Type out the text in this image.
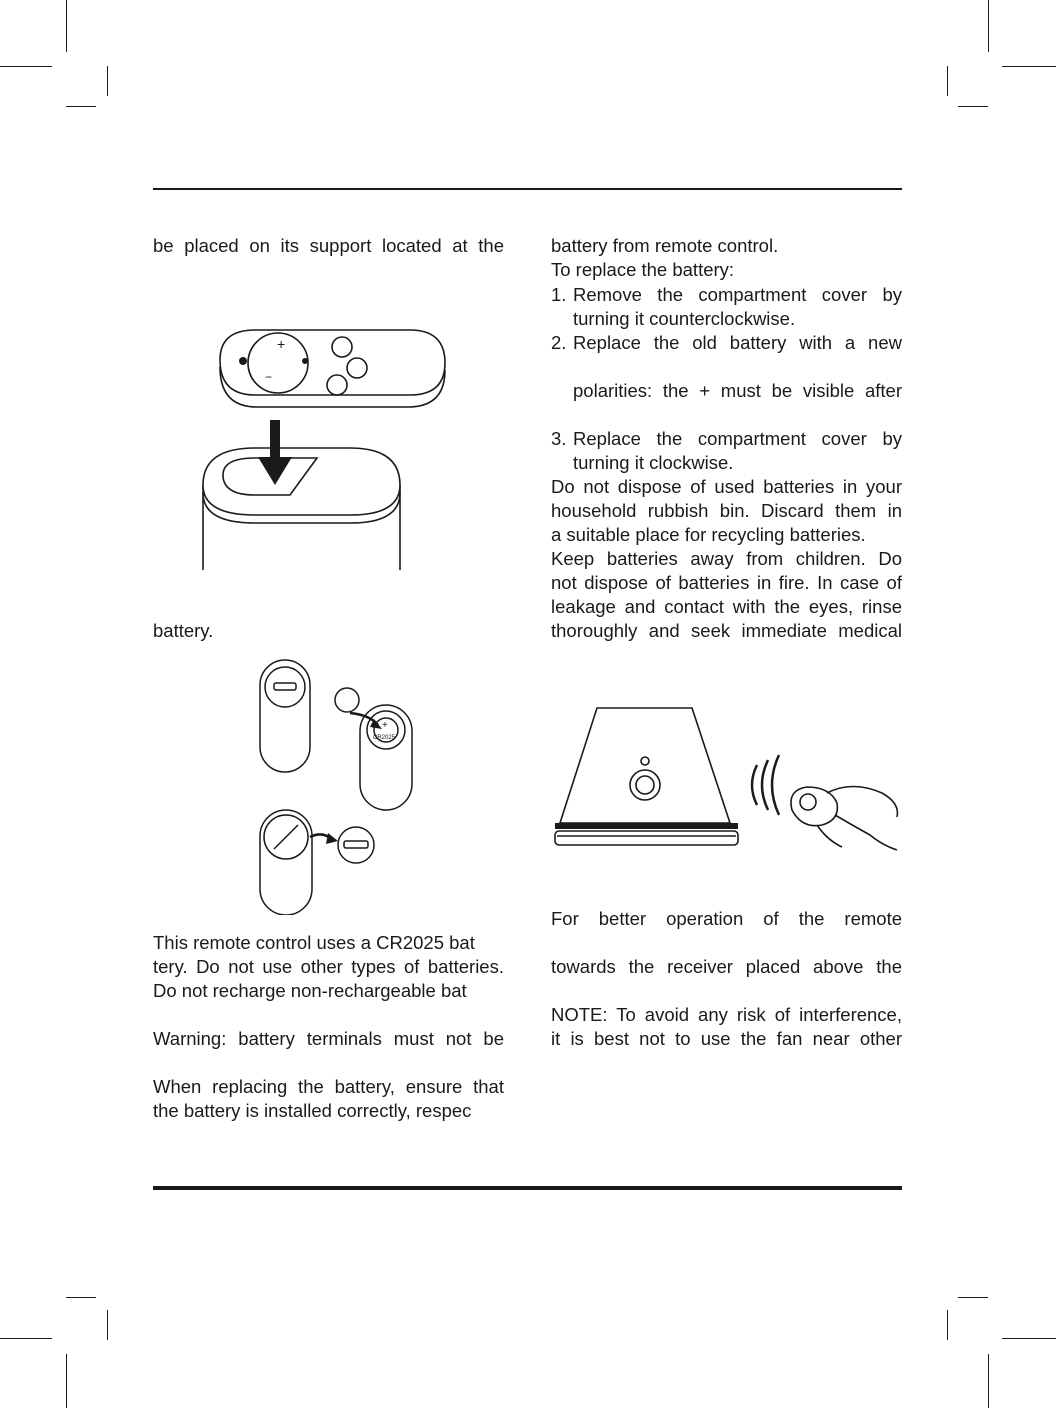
be placed on its support located at the
battery.
This remote control uses a CR2025 bat
tery. Do not use other types of batteries.
Do not recharge non-rechargeable bat
Warning: battery terminals must not be
When replacing the battery, ensure that
the battery is installed correctly, respec
battery from remote control.
To replace the battery:
1. Remove the compartment cover by
turning it counterclockwise.
2. Replace the old battery with a new
polarities: the + must be visible after
3. Replace the compartment cover by
turning it clockwise.
Do not dispose of used batteries in your
household rubbish bin. Discard them in
a suitable place for recycling batteries.
Keep batteries away from children. Do
not dispose of batteries in fire. In case of
leakage and contact with the eyes, rinse
thoroughly and seek immediate medical
For better operation of the remote
towards the receiver placed above the
NOTE: To avoid any risk of interference,
it is best not to use the fan near other
+
−
+
CR2025
